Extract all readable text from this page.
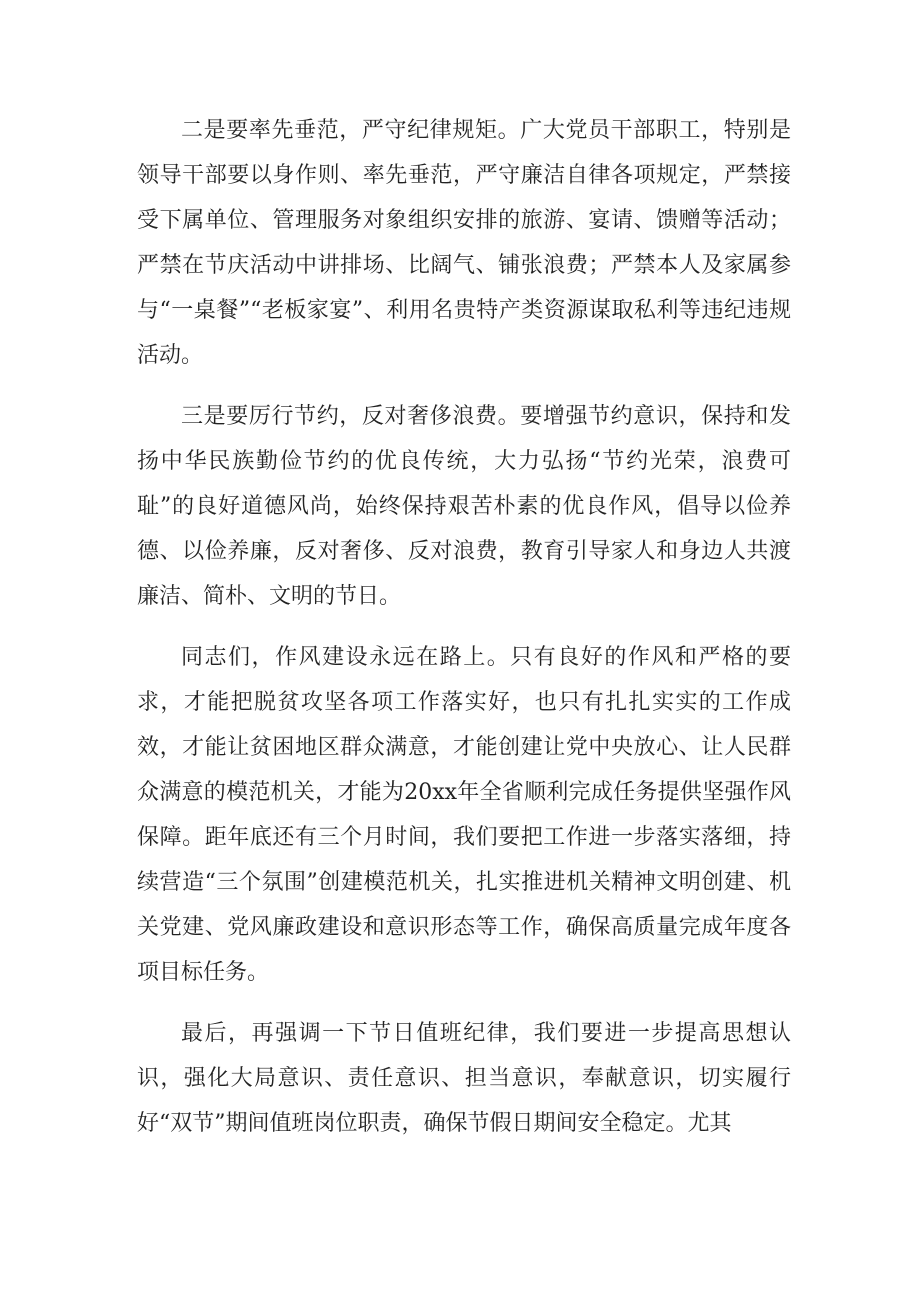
二是要率先垂范，严守纪律规矩。广大党员干部职工，特别是领导干部要以身作则、率先垂范，严守廉洁自律各项规定，严禁接受下属单位、管理服务对象组织安排的旅游、宴请、馈赠等活动；严禁在节庆活动中讲排场、比阔气、铺张浪费；严禁本人及家属参与“一桌餐”“老板家宴”、利用名贵特产类资源谋取私利等违纪违规活动。

三是要厉行节约，反对奢侈浪费。要增强节约意识，保持和发扬中华民族勤俭节约的优良传统，大力弘扬“节约光荣，浪费可耻”的良好道德风尚，始终保持艰苦朴素的优良作风，倡导以俭养德、以俭养廉，反对奢侈、反对浪费，教育引导家人和身边人共渡廉洁、简朴、文明的节日。

同志们，作风建设永远在路上。只有良好的作风和严格的要求，才能把脱贫攻坚各项工作落实好，也只有扎扎实实的工作成效，才能让贫困地区群众满意，才能创建让党中央放心、让人民群众满意的模范机关，才能为20xx年全省顺利完成任务提供坚强作风保障。距年底还有三个月时间，我们要把工作进一步落实落细，持续营造“三个氛围”创建模范机关，扎实推进机关精神文明创建、机关党建、党风廉政建设和意识形态等工作，确保高质量完成年度各项目标任务。

最后，再强调一下节日值班纪律，我们要进一步提高思想认识，强化大局意识、责任意识、担当意识，奉献意识，切实履行好“双节”期间值班岗位职责，确保节假日期间安全稳定。尤其
